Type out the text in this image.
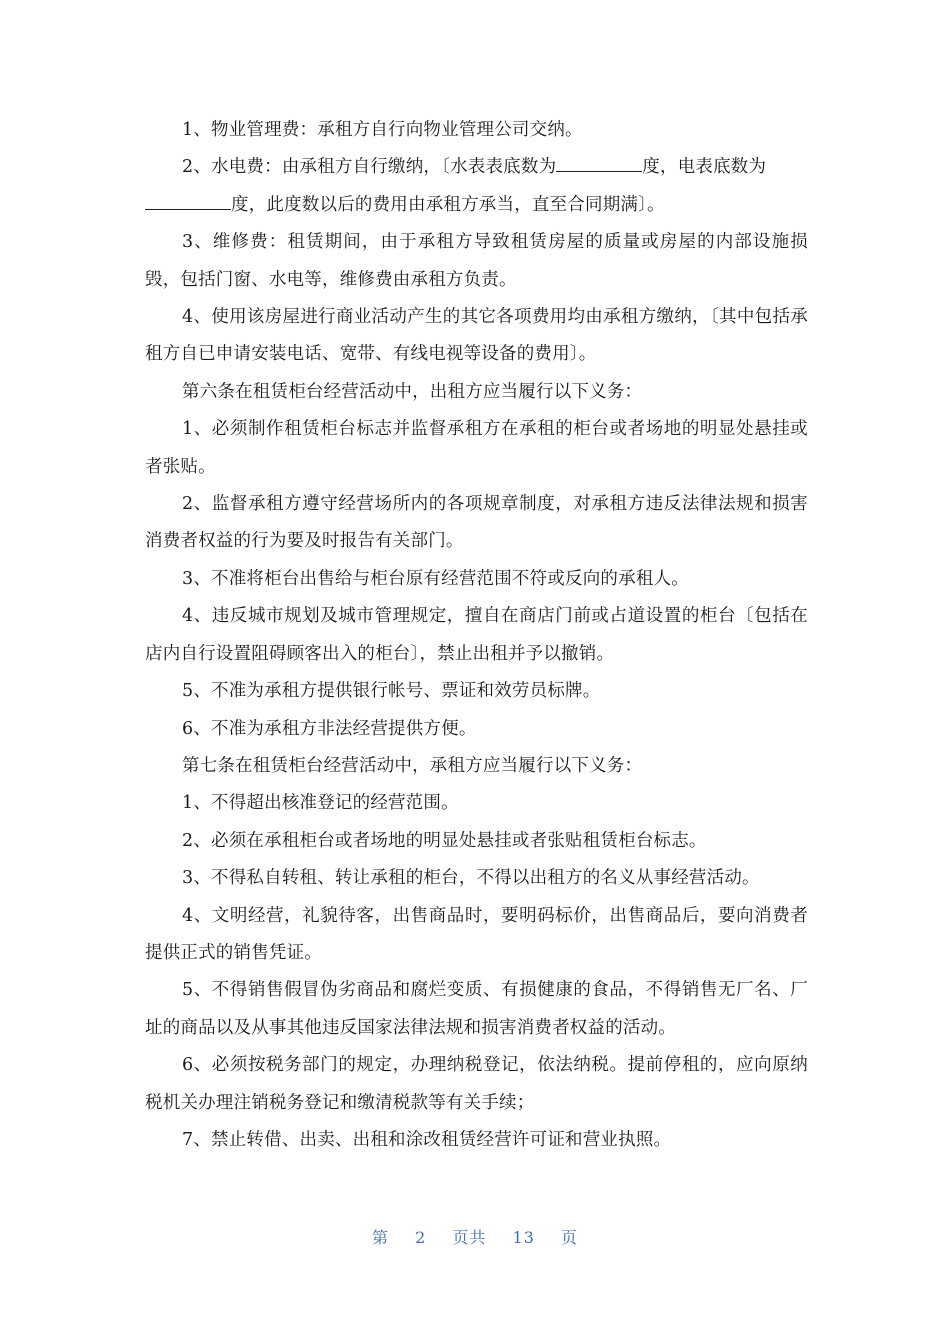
1、物业管理费：承租方自行向物业管理公司交纳。

2、水电费：由承租方自行缴纳，〔水表表底数为	度，电表底数为
度，此度数以后的费用由承租方承当，直至合同期满〕。

3、维修费：租赁期间，由于承租方导致租赁房屋的质量或房屋的内部设施损毁，包括门窗、水电等，维修费由承租方负责。

4、使用该房屋进行商业活动产生的其它各项费用均由承租方缴纳，〔其中包括承租方自已申请安装电话、宽带、有线电视等设备的费用〕。

第六条在租赁柜台经营活动中，出租方应当履行以下义务：

1、必须制作租赁柜台标志并监督承租方在承租的柜台或者场地的明显处悬挂或者张贴。

2、监督承租方遵守经营场所内的各项规章制度，对承租方违反法律法规和损害消费者权益的行为要及时报告有关部门。

3、不准将柜台出售给与柜台原有经营范围不符或反向的承租人。

4、违反城市规划及城市管理规定，擅自在商店门前或占道设置的柜台〔包括在店内自行设置阻碍顾客出入的柜台〕，禁止出租并予以撤销。

5、不准为承租方提供银行帐号、票证和效劳员标牌。

6、不准为承租方非法经营提供方便。

第七条在租赁柜台经营活动中，承租方应当履行以下义务：

1、不得超出核准登记的经营范围。

2、必须在承租柜台或者场地的明显处悬挂或者张贴租赁柜台标志。

3、不得私自转租、转让承租的柜台，不得以出租方的名义从事经营活动。

4、文明经营，礼貌待客，出售商品时，要明码标价，出售商品后，要向消费者提供正式的销售凭证。

5、不得销售假冒伪劣商品和腐烂变质、有损健康的食品，不得销售无厂名、厂址的商品以及从事其他违反国家法律法规和损害消费者权益的活动。

6、必须按税务部门的规定，办理纳税登记，依法纳税。提前停租的，应向原纳税机关办理注销税务登记和缴清税款等有关手续；

7、禁止转借、出卖、出租和涂改租赁经营许可证和营业执照。

第 2 页共 13 页
